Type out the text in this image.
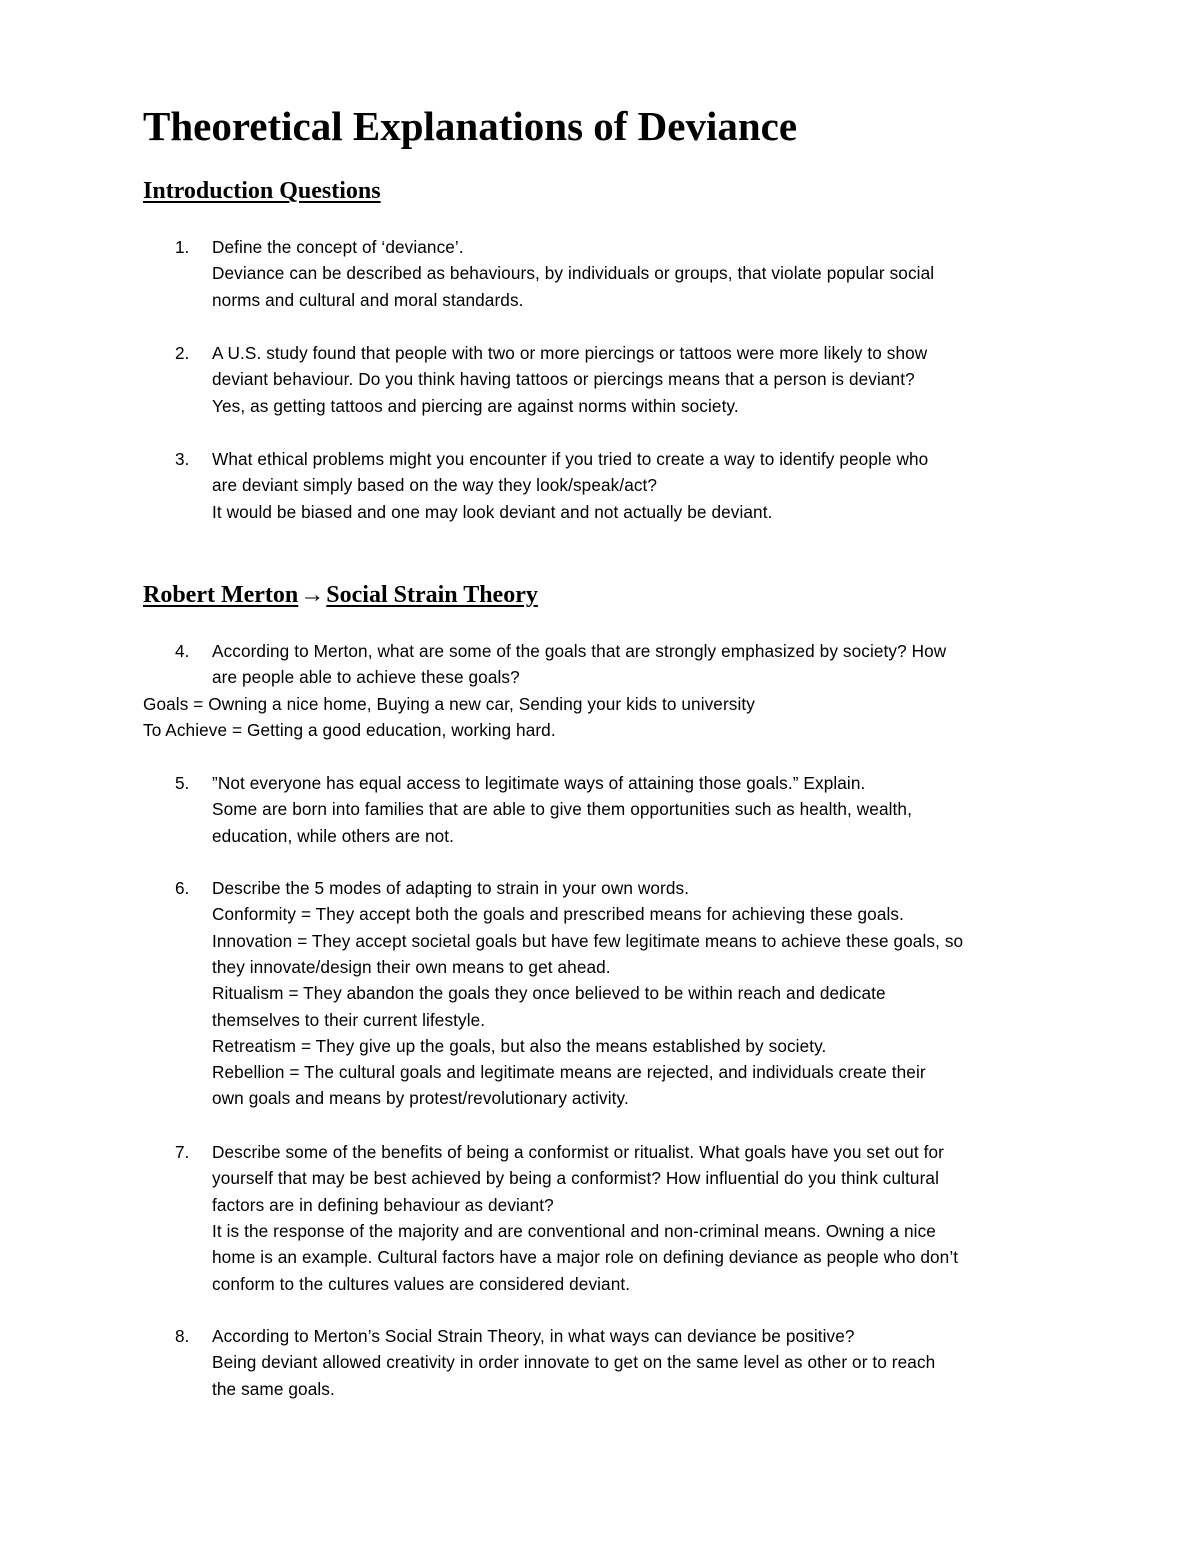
Theoretical Explanations of Deviance
Introduction Questions
1. Define the concept of ‘deviance’.
Deviance can be described as behaviours, by individuals or groups, that violate popular social
norms and cultural and moral standards.
2. A U.S. study found that people with two or more piercings or tattoos were more likely to show
deviant behaviour. Do you think having tattoos or piercings means that a person is deviant?
Yes, as getting tattoos and piercing are against norms within society.
3. What ethical problems might you encounter if you tried to create a way to identify people who
are deviant simply based on the way they look/speak/act?
It would be biased and one may look deviant and not actually be deviant.
Robert Merton→Social Strain Theory
4. According to Merton, what are some of the goals that are strongly emphasized by society? How
are people able to achieve these goals?
Goals = Owning a nice home, Buying a new car, Sending your kids to university
To Achieve = Getting a good education, working hard.
5. ”Not everyone has equal access to legitimate ways of attaining those goals.” Explain.
Some are born into families that are able to give them opportunities such as health, wealth,
education, while others are not.
6. Describe the 5 modes of adapting to strain in your own words.
Conformity = They accept both the goals and prescribed means for achieving these goals.
Innovation = They accept societal goals but have few legitimate means to achieve these goals, so
they innovate/design their own means to get ahead.
Ritualism = They abandon the goals they once believed to be within reach and dedicate
themselves to their current lifestyle.
Retreatism = They give up the goals, but also the means established by society.
Rebellion = The cultural goals and legitimate means are rejected, and individuals create their
own goals and means by protest/revolutionary activity.
7. Describe some of the benefits of being a conformist or ritualist. What goals have you set out for
yourself that may be best achieved by being a conformist? How influential do you think cultural
factors are in defining behaviour as deviant?
It is the response of the majority and are conventional and non-criminal means. Owning a nice
home is an example. Cultural factors have a major role on defining deviance as people who don’t
conform to the cultures values are considered deviant.
8. According to Merton’s Social Strain Theory, in what ways can deviance be positive?
Being deviant allowed creativity in order innovate to get on the same level as other or to reach
the same goals.
